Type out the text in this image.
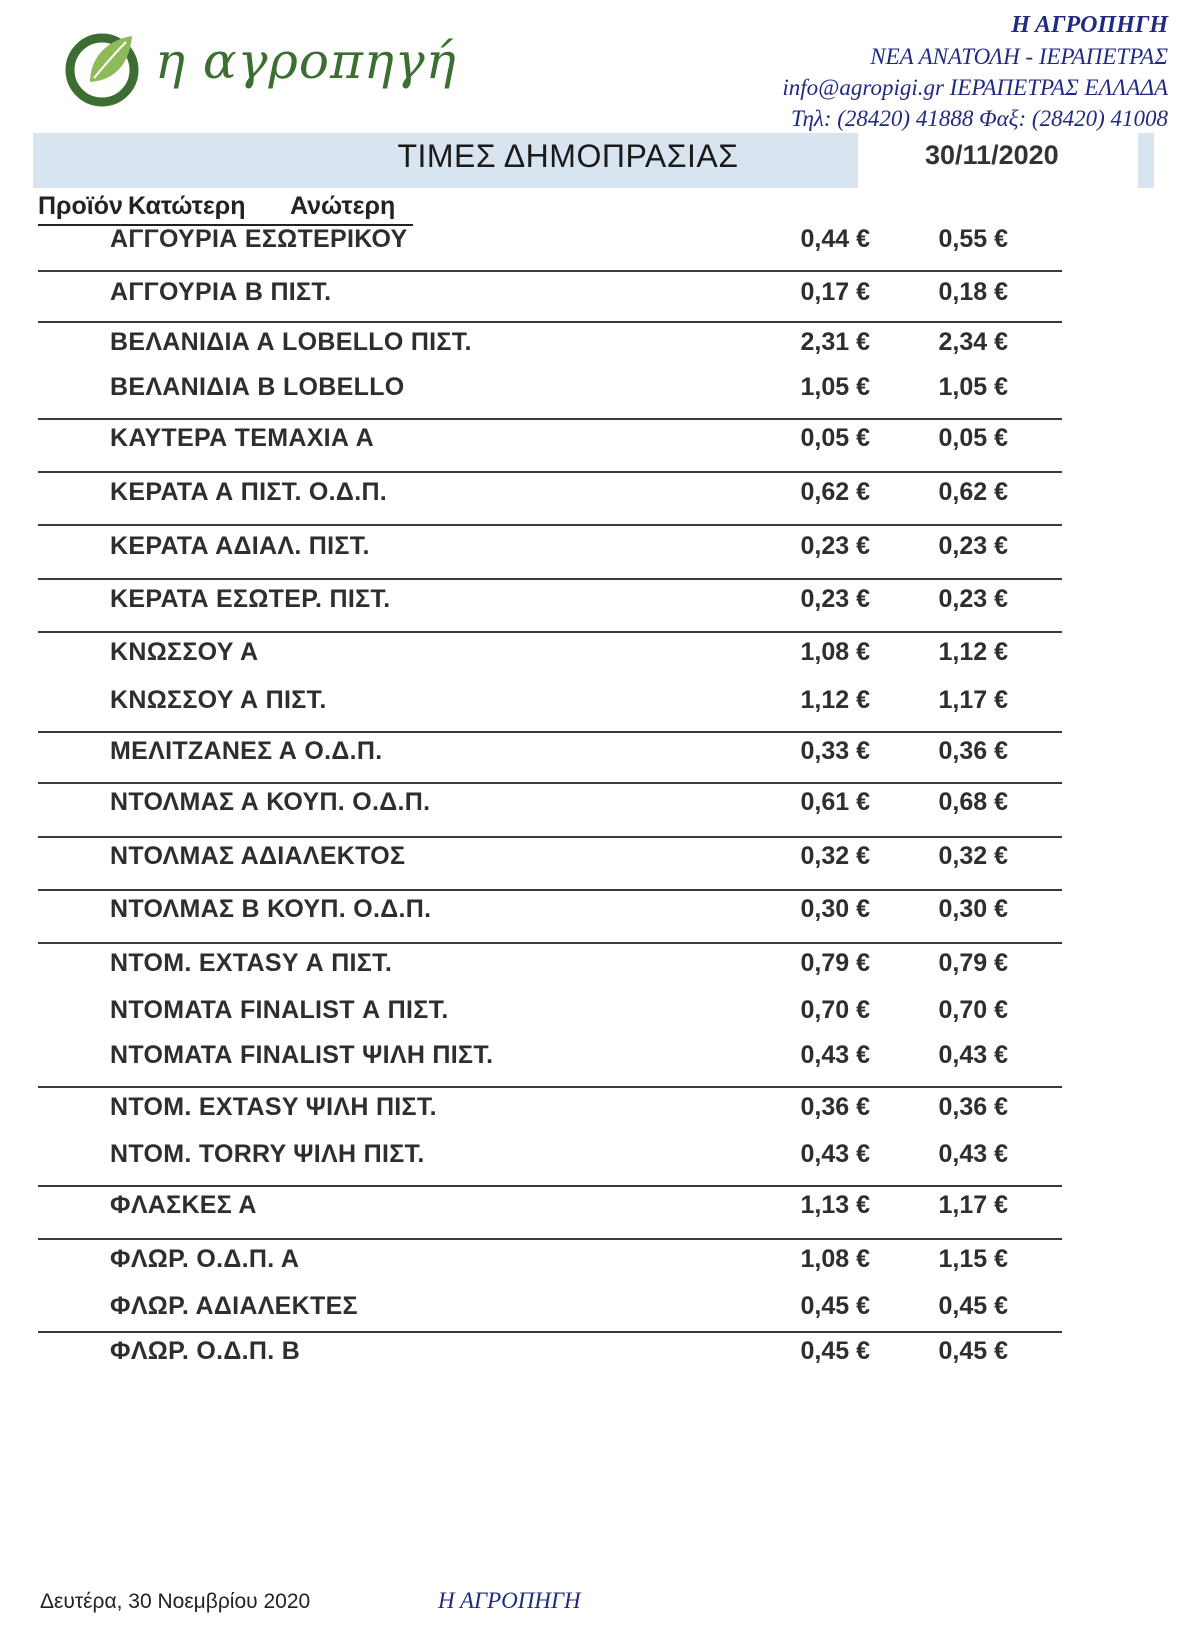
η αγροπηγή
Η ΑΓΡΟΠΗΓΗ
ΝΕΑ ΑΝΑΤΟΛΗ - ΙΕΡΑΠΕΤΡΑΣ
info@agropigi.gr ΙΕΡΑΠΕΤΡΑΣ ΕΛΛΑΔΑ
Τηλ: (28420) 41888 Φαξ: (28420) 41008
ΤΙΜΕΣ ΔΗΜΟΠΡΑΣΙΑΣ	30/11/2020
Προϊόν Κατώτερη Ανώτερη
ΑΓΓΟΥΡΙΑ ΕΣΩΤΕΡΙΚΟΥ	0,44 €	0,55 €
ΑΓΓΟΥΡΙΑ Β ΠΙΣΤ.	0,17 €	0,18 €
ΒΕΛΑΝΙΔΙΑ Α LOBELLO ΠΙΣΤ.	2,31 €	2,34 €
ΒΕΛΑΝΙΔΙΑ Β LOBELLO	1,05 €	1,05 €
ΚΑΥΤΕΡΑ ΤΕΜΑΧΙΑ Α	0,05 €	0,05 €
ΚΕΡΑΤΑ Α ΠΙΣΤ. Ο.Δ.Π.	0,62 €	0,62 €
ΚΕΡΑΤΑ ΑΔΙΑΛ. ΠΙΣΤ.	0,23 €	0,23 €
ΚΕΡΑΤΑ ΕΣΩΤΕΡ. ΠΙΣΤ.	0,23 €	0,23 €
ΚΝΩΣΣΟΥ Α	1,08 €	1,12 €
ΚΝΩΣΣΟΥ Α ΠΙΣΤ.	1,12 €	1,17 €
ΜΕΛΙΤΖΑΝΕΣ Α Ο.Δ.Π.	0,33 €	0,36 €
ΝΤΟΛΜΑΣ Α ΚΟΥΠ. Ο.Δ.Π.	0,61 €	0,68 €
ΝΤΟΛΜΑΣ ΑΔΙΑΛΕΚΤΟΣ	0,32 €	0,32 €
ΝΤΟΛΜΑΣ Β ΚΟΥΠ. Ο.Δ.Π.	0,30 €	0,30 €
ΝΤΟΜ. EXTASY Α ΠΙΣΤ.	0,79 €	0,79 €
ΝΤΟΜΑΤΑ FINALIST Α ΠΙΣΤ.	0,70 €	0,70 €
ΝΤΟΜΑΤΑ FINALIST ΨΙΛΗ ΠΙΣΤ.	0,43 €	0,43 €
ΝΤΟΜ. EXTASY ΨΙΛΗ ΠΙΣΤ.	0,36 €	0,36 €
ΝΤΟΜ. TORRY ΨΙΛΗ ΠΙΣΤ.	0,43 €	0,43 €
ΦΛΑΣΚΕΣ Α	1,13 €	1,17 €
ΦΛΩΡ. Ο.Δ.Π. Α	1,08 €	1,15 €
ΦΛΩΡ. ΑΔΙΑΛΕΚΤΕΣ	0,45 €	0,45 €
ΦΛΩΡ. Ο.Δ.Π. Β	0,45 €	0,45 €
Δευτέρα, 30 Νοεμβρίου 2020	Η ΑΓΡΟΠΗΓΗ
